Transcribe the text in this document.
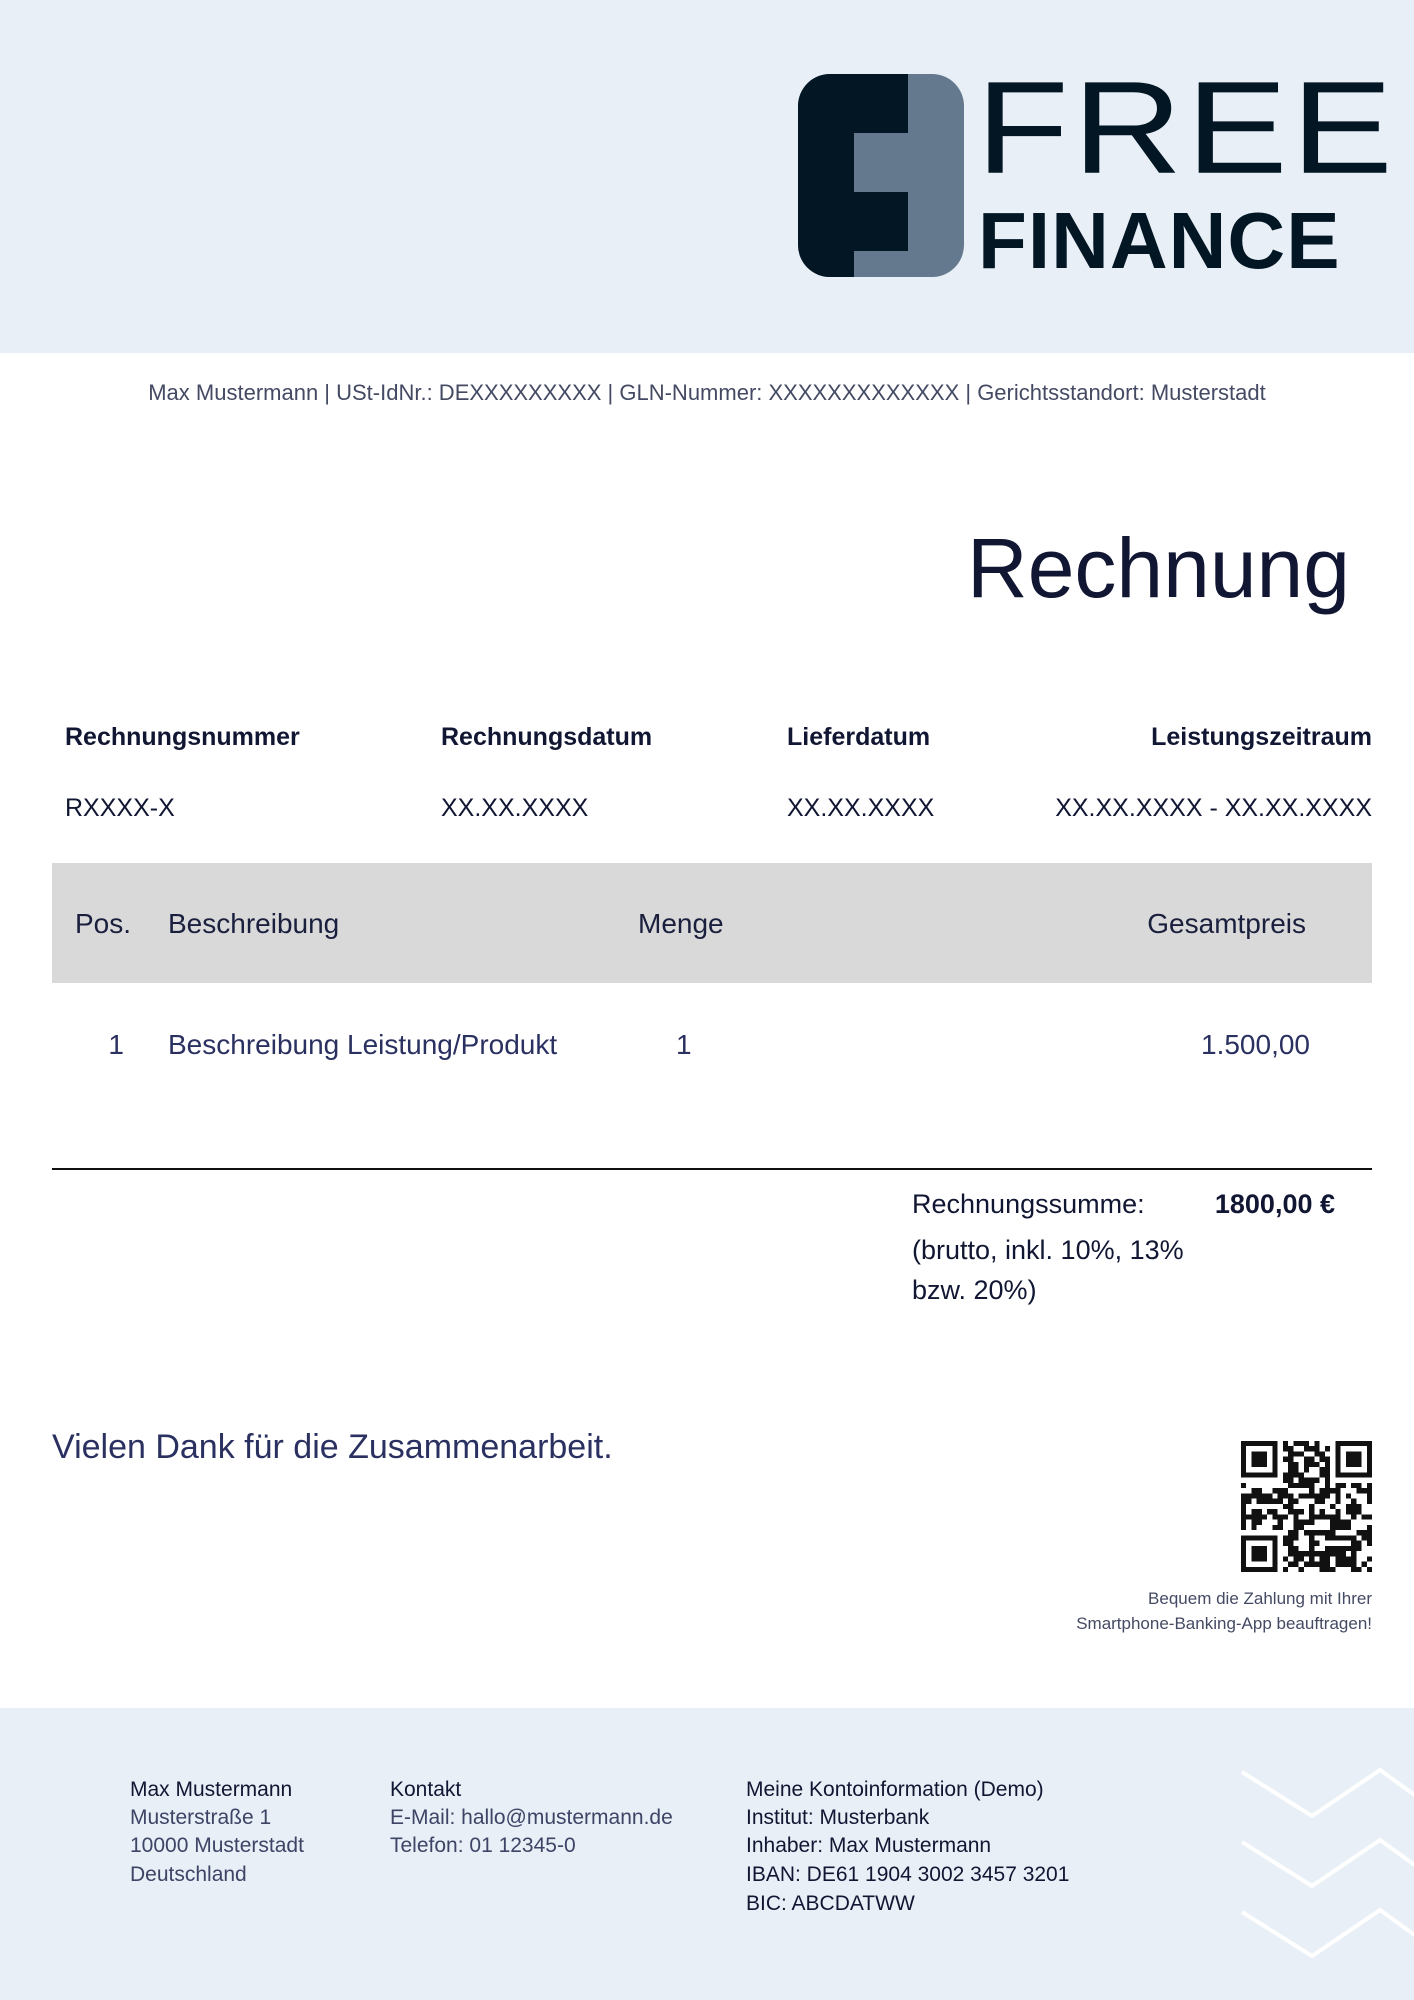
FREE
FINANCE
Max Mustermann | USt-IdNr.: DEXXXXXXXXX | GLN-Nummer: XXXXXXXXXXXXX | Gerichtsstandort: Musterstadt
Rechnung
Rechnungsnummer	Rechnungsdatum	Lieferdatum	Leistungszeitraum
RXXXX-X	XX.XX.XXXX	XX.XX.XXXX	XX.XX.XXXX - XX.XX.XXXX
Pos. Beschreibung	Menge	Gesamtpreis
1 Beschreibung Leistung/Produkt	1	1.500,00
Rechnungssumme:	1800,00 €
(brutto, inkl. 10%, 13%
bzw. 20%)
Vielen Dank für die Zusammenarbeit.
Bequem die Zahlung mit Ihrer
Smartphone-Banking-App beauftragen!
Max Mustermann
Musterstraße 1
10000 Musterstadt
Deutschland
Kontakt
E-Mail: hallo@mustermann.de
Telefon: 01 12345-0
Meine Kontoinformation (Demo)
Institut: Musterbank
Inhaber: Max Mustermann
IBAN: DE61 1904 3002 3457 3201
BIC: ABCDATWW
